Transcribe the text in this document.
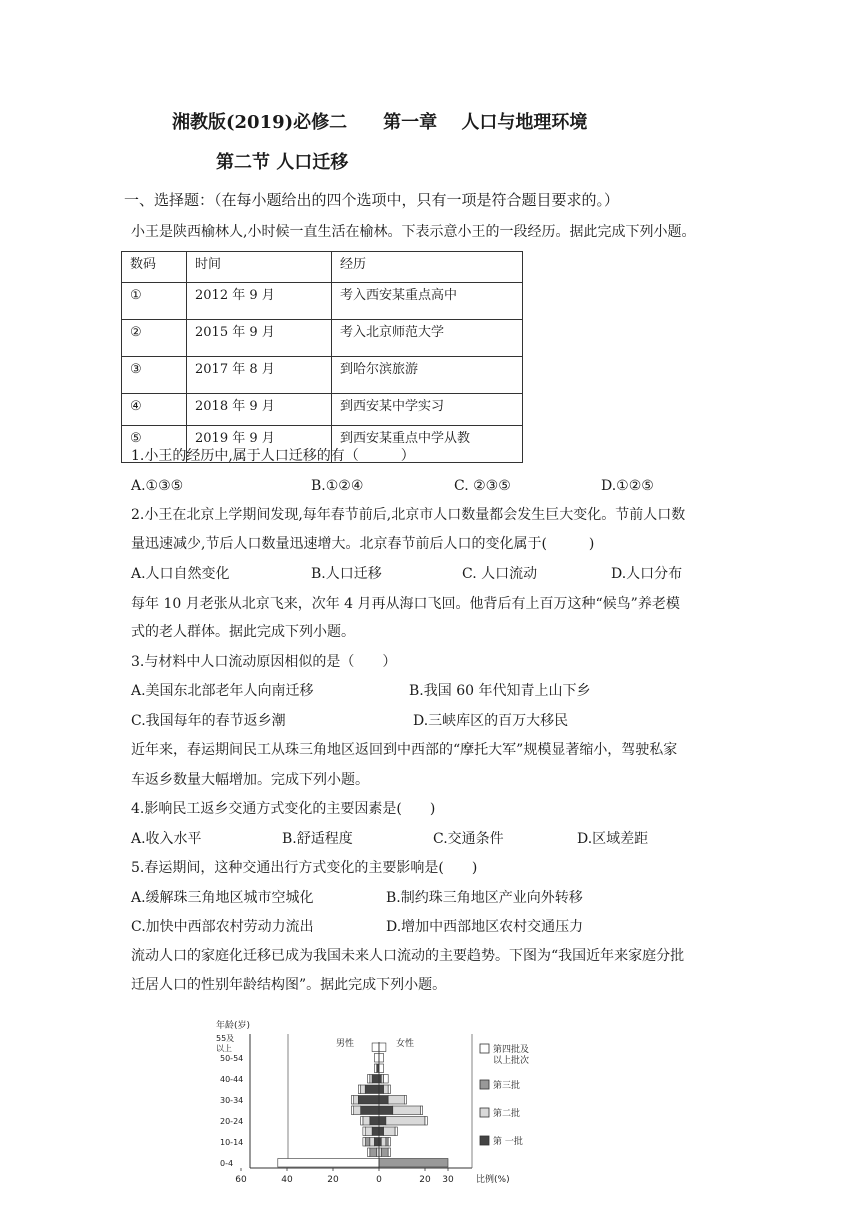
湘教版(2019)必修二　　第一章　 人口与地理环境
第二节 人口迁移
一、选择题：（在每小题给出的四个选项中，只有一项是符合题目要求的。）
小王是陕西榆林人,小时候一直生活在榆林。下表示意小王的一段经历。据此完成下列小题。
数码	时间	经历
①	2012 年 9 月	考入西安某重点高中
②	2015 年 9 月	考入北京师范大学
③	2017 年 8 月	到哈尔滨旅游
④	2018 年 9 月	到西安某中学实习
⑤	2019 年 9 月	到西安某重点中学从教
1.小王的经历中,属于人口迁移的有（　　　）
A.①③⑤	B.①②④	C. ②③⑤	D.①②⑤
2.小王在北京上学期间发现,每年春节前后,北京市人口数量都会发生巨大变化。节前人口数
量迅速减少,节后人口数量迅速增大。北京春节前后人口的变化属于(　　　)
A.人口自然变化	B.人口迁移	C. 人口流动	D.人口分布
每年 10 月老张从北京飞来，次年 4 月再从海口飞回。他背后有上百万这种“候鸟”养老模
式的老人群体。据此完成下列小题。
3.与材料中人口流动原因相似的是（　　）
A.美国东北部老年人向南迁移	B.我国 60 年代知青上山下乡
C.我国每年的春节返乡潮	D.三峡库区的百万大移民
近年来，春运期间民工从珠三角地区返回到中西部的“摩托大军”规模显著缩小，驾驶私家
车返乡数量大幅增加。完成下列小题。
4.影响民工返乡交通方式变化的主要因素是(　　)
A.收入水平	B.舒适程度	C.交通条件	D.区域差距
5.春运期间，这种交通出行方式变化的主要影响是(　　)
A.缓解珠三角地区城市空城化	B.制约珠三角地区产业向外转移
C.加快中西部农村劳动力流出	D.增加中西部地区农村交通压力
流动人口的家庭化迁移已成为我国未来人口流动的主要趋势。下图为“我国近年来家庭分批
迁居人口的性别年龄结构图”。据此完成下列小题。
年龄(岁)
55及
以上
50-54
40-44
30-34
20-24
10-14
0-4
男性	女性
60	40	20	0	20 30 比例(%)
第四批及
以上批次
第三批
第二批
第 一批
